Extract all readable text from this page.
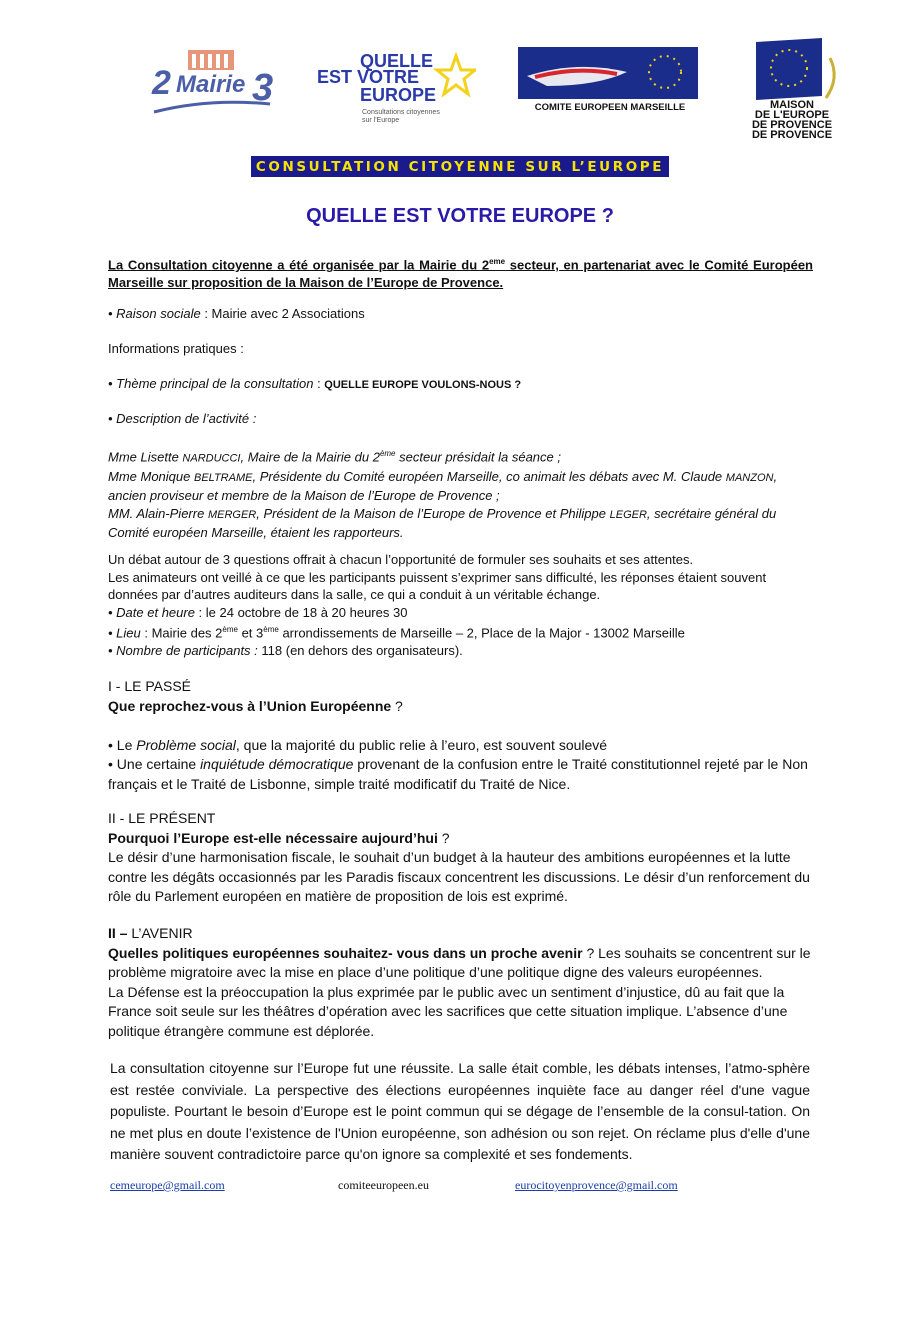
2 3
Mairie
QUELLE
EST VOTRE
EUROPE
Consultations citoyennes
sur l'Europe
COMITE EUROPEEN MARSEILLE	MAISON
DE L'EUROPE
DE PROVENCE
DE PROVENCE
CONSULTATION CITOYENNE SUR L’EUROPE
QUELLE EST VOTRE EUROPE ?

La Consultation citoyenne a été organisée par la Mairie du 2eme secteur, en partenariat avec le Comité Européen Marseille sur proposition de la Maison de l’Europe de Provence.

• Raison sociale : Mairie avec 2 Associations

Informations pratiques :

• Thème principal de la consultation : QUELLE EUROPE VOULONS-NOUS ?

• Description de l’activité :

Mme Lisette NARDUCCI, Maire de la Mairie du 2ème secteur présidait la séance ;
Mme Monique BELTRAME, Présidente du Comité européen Marseille, co animait les débats avec M. Claude MANZON,
ancien proviseur et membre de la Maison de l’Europe de Provence ;
MM. Alain-Pierre MERGER, Président de la Maison de l’Europe de Provence et Philippe LEGER, secrétaire général du
Comité européen Marseille, étaient les rapporteurs.
Un débat autour de 3 questions offrait à chacun l’opportunité de formuler ses souhaits et ses attentes.
Les animateurs ont veillé à ce que les participants puissent s’exprimer sans difficulté, les réponses étaient souvent données par d’autres auditeurs dans la salle, ce qui a conduit à un véritable échange.
• Date et heure : le 24 octobre de 18 à 20 heures 30
• Lieu : Mairie des 2ème et 3ème arrondissements de Marseille – 2, Place de la Major - 13002 Marseille
• Nombre de participants : 118 (en dehors des organisateurs).
I - LE PASSÉ
Que reprochez-vous à l’Union Européenne ?
• Le Problème social, que la majorité du public relie à l’euro, est souvent soulevé
• Une certaine inquiétude démocratique provenant de la confusion entre le Traité constitutionnel rejeté par le Non français et le Traité de Lisbonne, simple traité modificatif du Traité de Nice.
II - LE PRÉSENT
Pourquoi l’Europe est-elle nécessaire aujourd’hui ?
Le désir d’une harmonisation fiscale, le souhait d’un budget à la hauteur des ambitions européennes et la lutte contre les dégâts occasionnés par les Paradis fiscaux concentrent les discussions. Le désir d’un renforcement du rôle du Parlement européen en matière de proposition de lois est exprimé.
II – L’AVENIR
Quelles politiques européennes souhaitez- vous dans un proche avenir ? Les souhaits se concentrent sur le problème migratoire avec la mise en place d’une politique d’une politique digne des valeurs européennes.
La Défense est la préoccupation la plus exprimée par le public avec un sentiment d’injustice, dû au fait que la France soit seule sur les théâtres d’opération avec les sacrifices que cette situation implique. L’absence d’une politique étrangère commune est déplorée.

La consultation citoyenne sur l’Europe fut une réussite. La salle était comble, les débats intenses, l’atmo-sphère est restée conviviale. La perspective des élections européennes inquiète face au danger réel d'une vague populiste. Pourtant le besoin d’Europe est le point commun qui se dégage de l’ensemble de la consul-tation. On ne met plus en doute l’existence de l'Union européenne, son adhésion ou son rejet. On réclame plus d'elle d'une manière souvent contradictoire parce qu'on ignore sa complexité et ses fondements.

cemeurope@gmail.com	comiteeuropeen.eu	eurocitoyenprovence@gmail.com
